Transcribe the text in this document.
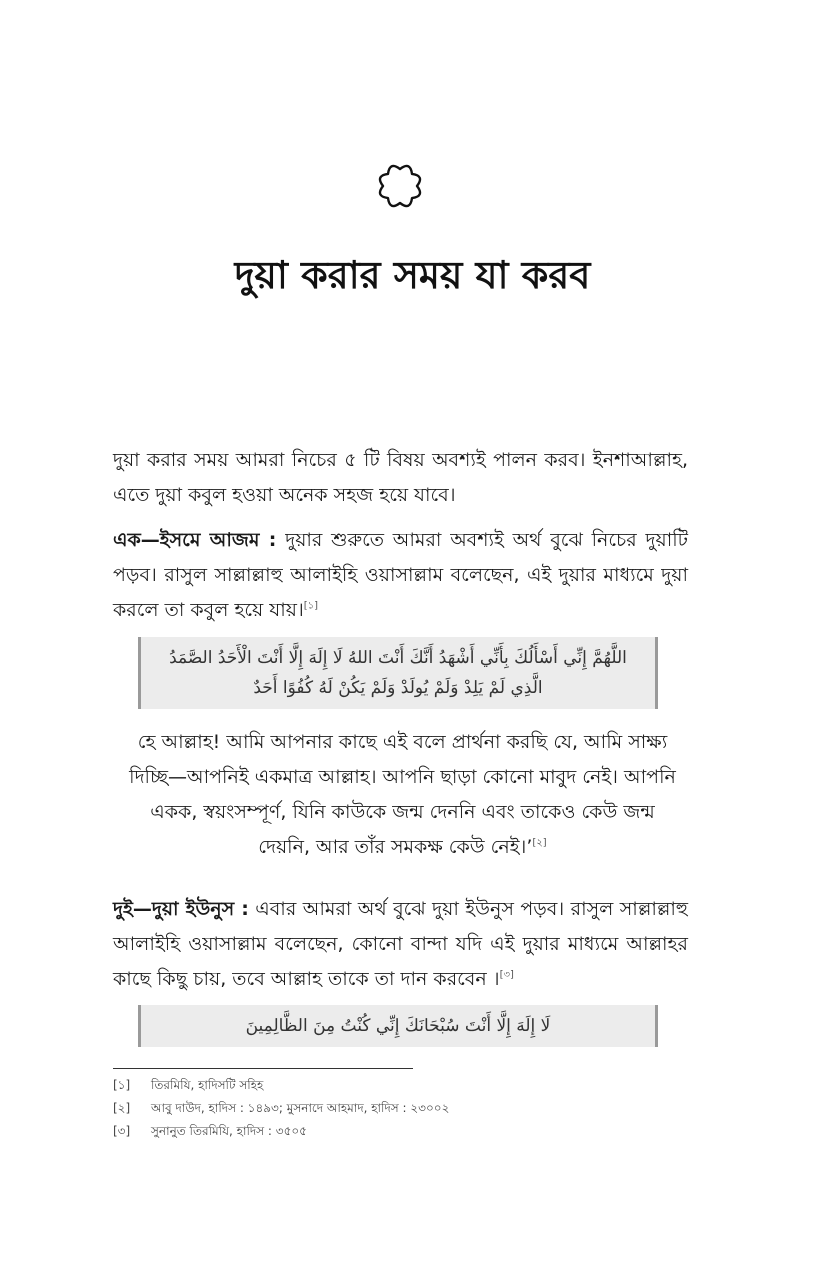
দুয়া করার সময় যা করব
দুয়া করার সময় আমরা নিচের ৫ টি বিষয় অবশ্যই পালন করব। ইনশাআল্লাহ, এতে দুয়া কবুল হওয়া অনেক সহজ হয়ে যাবে।
এক—ইসমে আজম : দুয়ার শুরুতে আমরা অবশ্যই অর্থ বুঝে নিচের দুয়াটি পড়ব। রাসুল সাল্লাল্লাহু আলাইহি ওয়াসাল্লাম বলেছেন, এই দুয়ার মাধ্যমে দুয়া করলে তা কবুল হয়ে যায়।[১]
اللَّهُمَّ إِنِّي أَسْأَلُكَ بِأَنِّي أَشْهَدُ أَنَّكَ أَنْتَ اللهُ لَا إِلَهَ إِلَّا أَنْتَ الْأَحَدُ الصَّمَدُ
الَّذِي لَمْ يَلِدْ وَلَمْ يُولَدْ وَلَمْ يَكُنْ لَهُ كُفُوًا أَحَدٌ
হে আল্লাহ! আমি আপনার কাছে এই বলে প্রার্থনা করছি যে, আমি সাক্ষ্য দিচ্ছি—আপনিই একমাত্র আল্লাহ। আপনি ছাড়া কোনো মাবুদ নেই। আপনি একক, স্বয়ংসম্পূর্ণ, যিনি কাউকে জন্ম দেননি এবং তাকেও কেউ জন্ম দেয়নি, আর তাঁর সমকক্ষ কেউ নেই।’[২]
দুই—দুয়া ইউনুস : এবার আমরা অর্থ বুঝে দুয়া ইউনুস পড়ব। রাসুল সাল্লাল্লাহু আলাইহি ওয়াসাল্লাম বলেছেন, কোনো বান্দা যদি এই দুয়ার মাধ্যমে আল্লাহর কাছে কিছু চায়, তবে আল্লাহ তাকে তা দান করবেন ।[৩]
لَا إِلَهَ إِلَّا أَنْتَ سُبْحَانَكَ إِنِّي كُنْتُ مِنَ الظَّالِمِينَ
[১]	তিরমিযি, হাদিসটি সহিহ
[২]	আবু দাউদ, হাদিস : ১৪৯৩; মুসনাদে আহমাদ, হাদিস : ২৩০০২
[৩]	সুনানুত তিরমিযি, হাদিস : ৩৫০৫
